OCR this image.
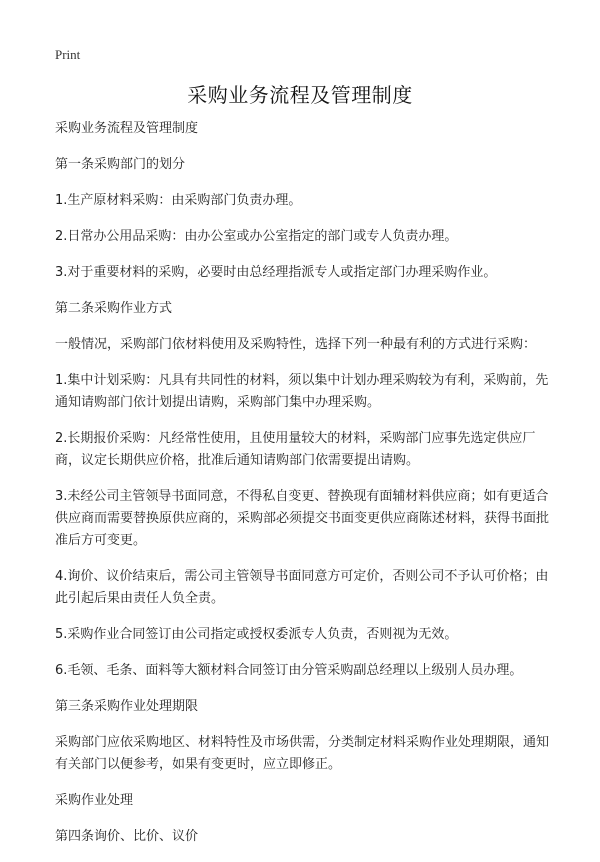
Print
采购业务流程及管理制度

采购业务流程及管理制度

第一条采购部门的划分

1.生产原材料采购：由采购部门负责办理。

2.日常办公用品采购：由办公室或办公室指定的部门或专人负责办理。

3.对于重要材料的采购，必要时由总经理指派专人或指定部门办理采购作业。

第二条采购作业方式

一般情况，采购部门依材料使用及采购特性，选择下列一种最有利的方式进行采购：

1.集中计划采购：凡具有共同性的材料，须以集中计划办理采购较为有利，采购前，先通知请购部门依计划提出请购，采购部门集中办理采购。

2.长期报价采购：凡经常性使用，且使用量较大的材料，采购部门应事先选定供应厂商，议定长期供应价格，批准后通知请购部门依需要提出请购。

3.未经公司主管领导书面同意，不得私自变更、替换现有面辅材料供应商；如有更适合供应商而需要替换原供应商的，采购部必须提交书面变更供应商陈述材料，获得书面批准后方可变更。

4.询价、议价结束后，需公司主管领导书面同意方可定价，否则公司不予认可价格；由此引起后果由责任人负全责。

5.采购作业合同签订由公司指定或授权委派专人负责，否则视为无效。

6.毛领、毛条、面料等大额材料合同签订由分管采购副总经理以上级别人员办理。

第三条采购作业处理期限

采购部门应依采购地区、材料特性及市场供需，分类制定材料采购作业处理期限，通知有关部门以便参考，如果有变更时，应立即修正。

采购作业处理

第四条询价、比价、议价
